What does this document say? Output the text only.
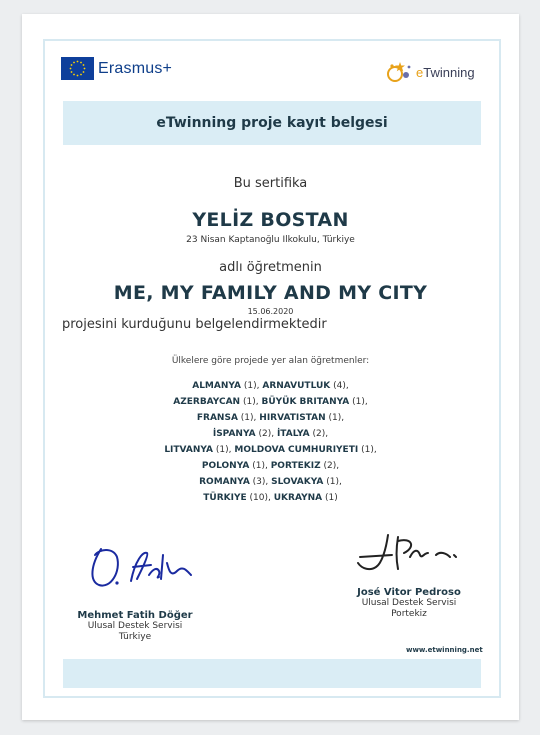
Erasmus+	eTwinning
eTwinning proje kayıt belgesi
Bu sertifika
YELİZ BOSTAN
23 Nisan Kaptanoğlu Ilkokulu, Türkiye
adlı öğretmenin
ME, MY FAMILY AND MY CITY
15.06.2020
projesini kurduğunu belgelendirmektedir
Ülkelere göre projede yer alan öğretmenler:
ALMANYA (1), ARNAVUTLUK (4),
AZERBAYCAN (1), BÜYÜK BRITANYA (1),
FRANSA (1), HIRVATISTAN (1),
İSPANYA (2), İTALYA (2),
LITVANYA (1), MOLDOVA CUMHURIYETI (1),
POLONYA (1), PORTEKIZ (2),
ROMANYA (3), SLOVAKYA (1),
TÜRKIYE (10), UKRAYNA (1)
Mehmet Fatih Döğer
Ulusal Destek Servisi
Türkiye
José Vitor Pedroso
Ulusal Destek Servisi
Portekiz
www.etwinning.net
